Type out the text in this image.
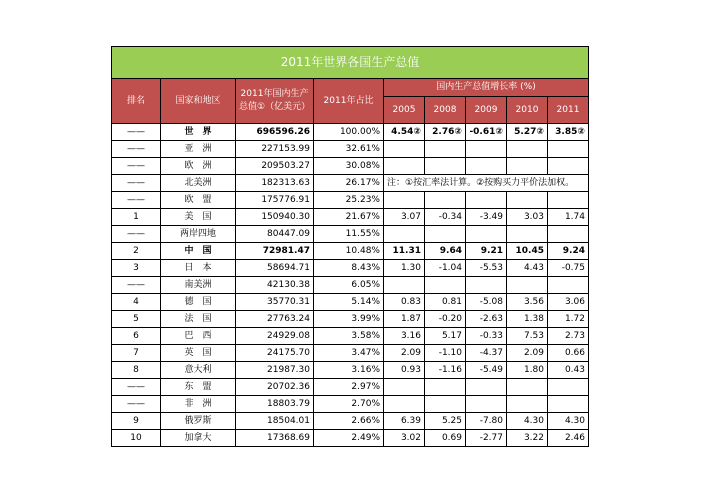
2011年世界各国生产总值								
排名	国家和地区	2011年国内生产总值①（亿美元）	2011年占比	国内生产总值增长率 (%)				
				2005	2008	2009	2010	2011
——	世　界	696596.26	100.00%	4.54②	2.76②	-0.61②	5.27②	3.85②
——	亚　洲	227153.99	32.61%					
——	欧　洲	209503.27	30.08%					
——	北美洲	182313.63	26.17%	注：①按汇率法计算。②按购买力平价法加权。				

——	欧　盟	175776.91	25.23%					
1	美　国	150940.30	21.67%	3.07	-0.34	-3.49	3.03	1.74
——	两岸四地	80447.09	11.55%					
2	中　国	72981.47	10.48%	11.31	9.64	9.21	10.45	9.24
3	日　本	58694.71	8.43%	1.30	-1.04	-5.53	4.43	-0.75
——	南美洲	42130.38	6.05%					
4	德　国	35770.31	5.14%	0.83	0.81	-5.08	3.56	3.06
5	法　国	27763.24	3.99%	1.87	-0.20	-2.63	1.38	1.72
6	巴　西	24929.08	3.58%	3.16	5.17	-0.33	7.53	2.73
7	英　国	24175.70	3.47%	2.09	-1.10	-4.37	2.09	0.66
8	意大利	21987.30	3.16%	0.93	-1.16	-5.49	1.80	0.43
——	东　盟	20702.36	2.97%					
——	非　洲	18803.79	2.70%					
9	俄罗斯	18504.01	2.66%	6.39	5.25	-7.80	4.30	4.30
10	加拿大	17368.69	2.49%	3.02	0.69	-2.77	3.22	2.46
